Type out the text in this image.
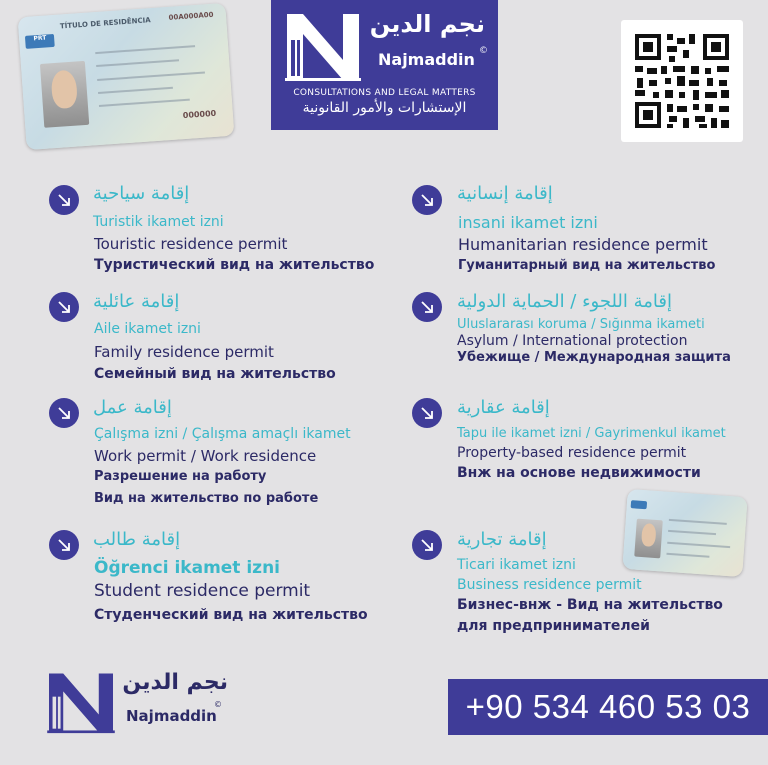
PRT
TÍTULO DE RESIDÊNCIA
00A000A00
000000
نجم الدين
©
Najmaddin
CONSULTATIONS AND LEGAL MATTERS
الإستشارات والأمور القانونية
إقامة سياحية
Turistik ikamet izni
Touristic residence permit
Туристический вид на жительство
إقامة إنسانية
insani ikamet izni
Humanitarian residence permit
Гуманитарный вид на жительство
إقامة عائلية
Aile ikamet izni
Family residence permit
Семейный вид на жительство
إقامة اللجوء / الحماية الدولية
Uluslararası koruma / Sığınma ikameti
Asylum / International protection
Убежище / Международная защита
إقامة عمل
Çalışma izni / Çalışma amaçlı ikamet
Work permit / Work residence
Разрешение на работу
Вид на жительство по работе
إقامة عقارية
Tapu ile ikamet izni / Gayrimenkul ikamet
Property-based residence permit
Внж на основе недвижимости
إقامة طالب
Öğrenci ikamet izni
Student residence permit
Студенческий вид на жительство
إقامة تجارية
Ticari ikamet izni
Business residence permit
Бизнес-внж - Вид на жительство
для предпринимателей
نجم الدين
©
Najmaddin	+90 534 460 53 03
